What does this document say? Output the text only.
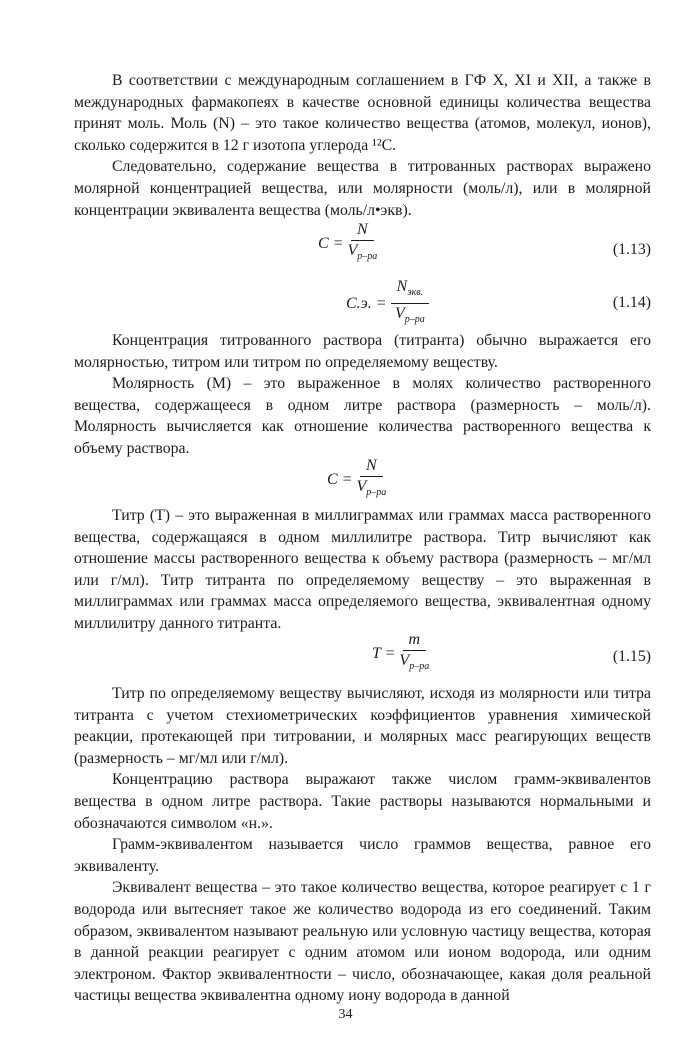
В соответствии с международным соглашением в ГФ X, XI и XII, а также в международных фармакопеях в качестве основной единицы количества вещества принят моль. Моль (N) – это такое количество вещества (атомов, молекул, ионов), сколько содержится в 12 г изотопа углерода ¹²C.

Следовательно, содержание вещества в титрованных растворах выражено молярной концентрацией вещества, или молярности (моль/л), или в молярной концентрации эквивалента вещества (моль/л•экв).

$C = \frac{N}{V_{р-ра}}$	(1.13)
C.э. = $\frac{N_{экв.}}{V_{р-ра}}$	(1.14)

Концентрация титрованного раствора (титранта) обычно выражается его молярностью, титром или титром по определяемому веществу.

Молярность (М) – это выраженное в молях количество растворенного вещества, содержащееся в одном литре раствора (размерность – моль/л). Молярность вычисляется как отношение количества растворенного вещества к объему раствора.

$C = \frac{N}{V_{р-ра}}$

Титр (Т) – это выраженная в миллиграммах или граммах масса растворенного вещества, содержащаяся в одном миллилитре раствора. Титр вычисляют как отношение массы растворенного вещества к объему раствора (размерность – мг/мл или г/мл). Титр титранта по определяемому веществу – это выраженная в миллиграммах или граммах масса определяемого вещества, эквивалентная одному миллилитру данного титранта.

$T = \frac{m}{V_{р-ра}}$	(1.15)

Титр по определяемому веществу вычисляют, исходя из молярности или титра титранта с учетом стехиометрических коэффициентов уравнения химической реакции, протекающей при титровании, и молярных масс реагирующих веществ (размерность – мг/мл или г/мл).

Концентрацию раствора выражают также числом грамм-эквивалентов вещества в одном литре раствора. Такие растворы называются нормальными и обозначаются символом «н.».

Грамм-эквивалентом называется число граммов вещества, равное его эквиваленту.

Эквивалент вещества – это такое количество вещества, которое реагирует с 1 г водорода или вытесняет такое же количество водорода из его соединений. Таким образом, эквивалентом называют реальную или условную частицу вещества, которая в данной реакции реагирует с одним атомом или ионом водорода, или одним электроном. Фактор эквивалентности – число, обозначающее, какая доля реальной частицы вещества эквивалентна одному иону водорода в данной

34
